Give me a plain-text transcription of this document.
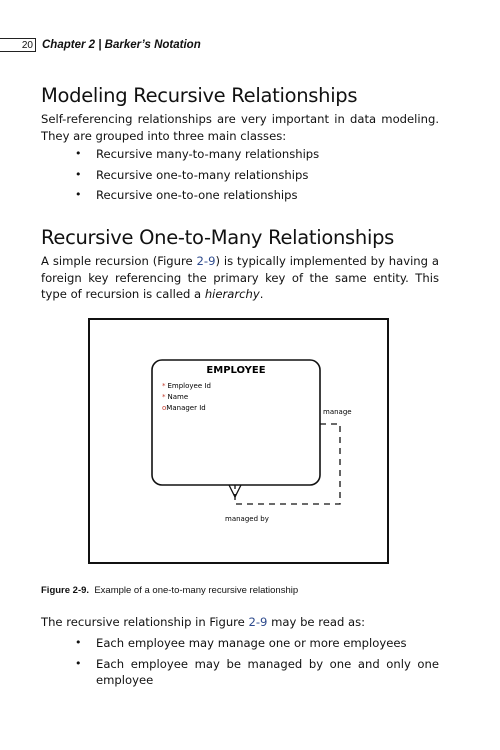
20 Chapter 2 | Barker’s Notation
Modeling Recursive Relationships

Self-referencing relationships are very important in data modeling. They are grouped into three main classes:

• Recursive many-to-many relationships
• Recursive one-to-many relationships
• Recursive one-to-one relationships
Recursive One-to-Many Relationships

A simple recursion (Figure 2-9) is typically implemented by having a foreign key referencing the primary key of the same entity. This type of recursion is called a hierarchy.

EMPLOYEE
* Employee Id
* Name
oManager Id	manage
managed by
Figure 2-9. Example of a one-to-many recursive relationship

The recursive relationship in Figure 2-9 may be read as:

• Each employee may manage one or more employees
• Each employee may be managed by one and only one employee
